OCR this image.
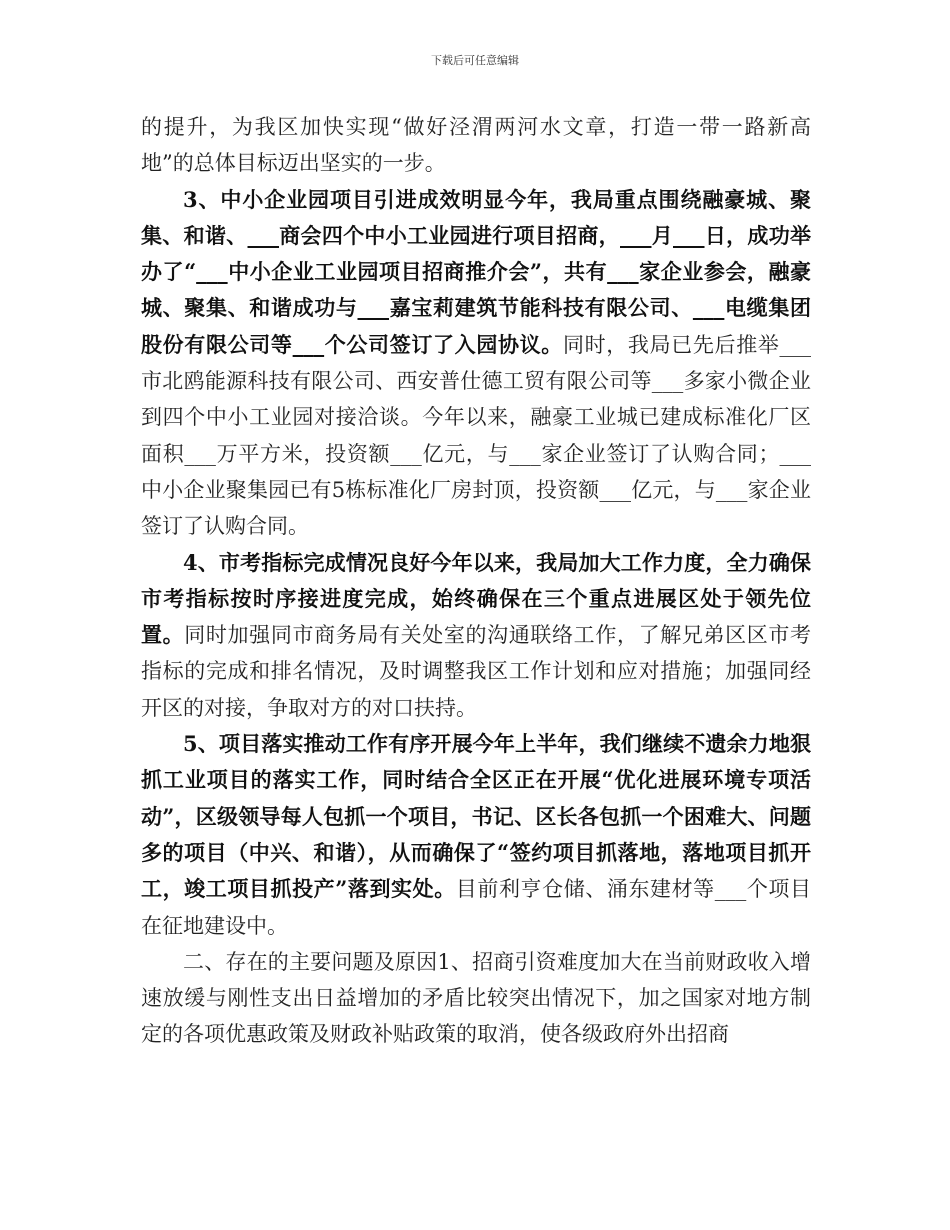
下载后可任意编辑

的提升，为我区加快实现“做好泾渭两河水文章，打造一带一路新高地”的总体目标迈出坚实的一步。

3、中小企业园项目引进成效明显今年，我局重点围绕融豪城、聚集、和谐、___商会四个中小工业园进行项目招商，___月___日，成功举办了“___中小企业工业园项目招商推介会”，共有___家企业参会，融豪城、聚集、和谐成功与___嘉宝莉建筑节能科技有限公司、___电缆集团股份有限公司等___个公司签订了入园协议。同时，我局已先后推举___市北鸥能源科技有限公司、西安普仕德工贸有限公司等___多家小微企业到四个中小工业园对接洽谈。今年以来，融豪工业城已建成标准化厂区面积___万平方米，投资额___亿元，与___家企业签订了认购合同；___中小企业聚集园已有5栋标准化厂房封顶，投资额___亿元，与___家企业签订了认购合同。

4、市考指标完成情况良好今年以来，我局加大工作力度，全力确保市考指标按时序接进度完成，始终确保在三个重点进展区处于领先位置。同时加强同市商务局有关处室的沟通联络工作，了解兄弟区区市考指标的完成和排名情况，及时调整我区工作计划和应对措施；加强同经开区的对接，争取对方的对口扶持。

5、项目落实推动工作有序开展今年上半年，我们继续不遗余力地狠抓工业项目的落实工作，同时结合全区正在开展“优化进展环境专项活动”，区级领导每人包抓一个项目，书记、区长各包抓一个困难大、问题多的项目（中兴、和谐），从而确保了“签约项目抓落地，落地项目抓开工，竣工项目抓投产”落到实处。目前利亨仓储、涌东建材等___个项目在征地建设中。

二、存在的主要问题及原因1、招商引资难度加大在当前财政收入增速放缓与刚性支出日益增加的矛盾比较突出情况下，加之国家对地方制定的各项优惠政策及财政补贴政策的取消，使各级政府外出招商
